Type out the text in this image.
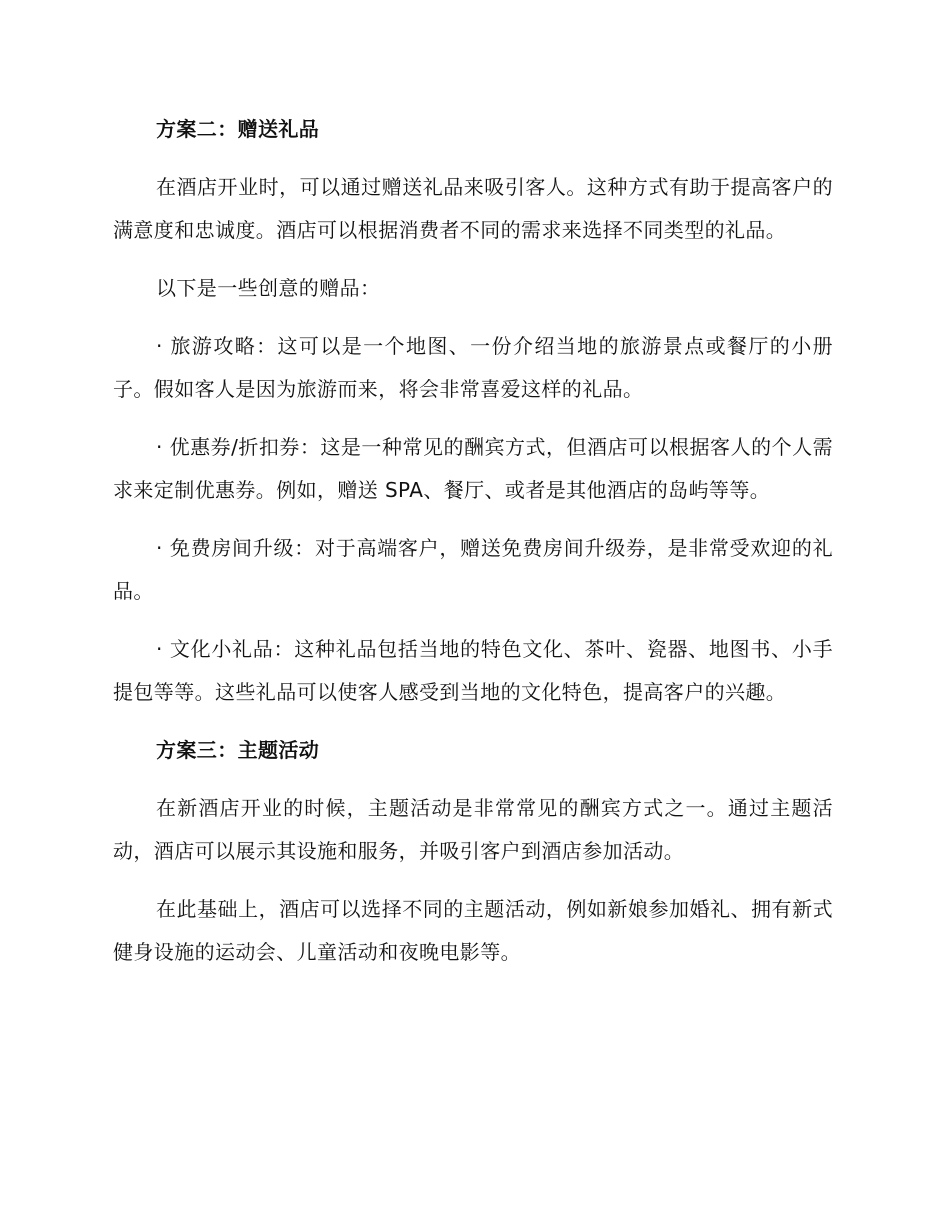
方案二：赠送礼品

在酒店开业时，可以通过赠送礼品来吸引客人。这种方式有助于提高客户的满意度和忠诚度。酒店可以根据消费者不同的需求来选择不同类型的礼品。

以下是一些创意的赠品：

· 旅游攻略：这可以是一个地图、一份介绍当地的旅游景点或餐厅的小册子。假如客人是因为旅游而来，将会非常喜爱这样的礼品。

· 优惠券/折扣券：这是一种常见的酬宾方式，但酒店可以根据客人的个人需求来定制优惠券。例如，赠送 SPA、餐厅、或者是其他酒店的岛屿等等。

· 免费房间升级：对于高端客户，赠送免费房间升级券，是非常受欢迎的礼品。

· 文化小礼品：这种礼品包括当地的特色文化、茶叶、瓷器、地图书、小手提包等等。这些礼品可以使客人感受到当地的文化特色，提高客户的兴趣。

方案三：主题活动

在新酒店开业的时候，主题活动是非常常见的酬宾方式之一。通过主题活动，酒店可以展示其设施和服务，并吸引客户到酒店参加活动。

在此基础上，酒店可以选择不同的主题活动，例如新娘参加婚礼、拥有新式健身设施的运动会、儿童活动和夜晚电影等。
